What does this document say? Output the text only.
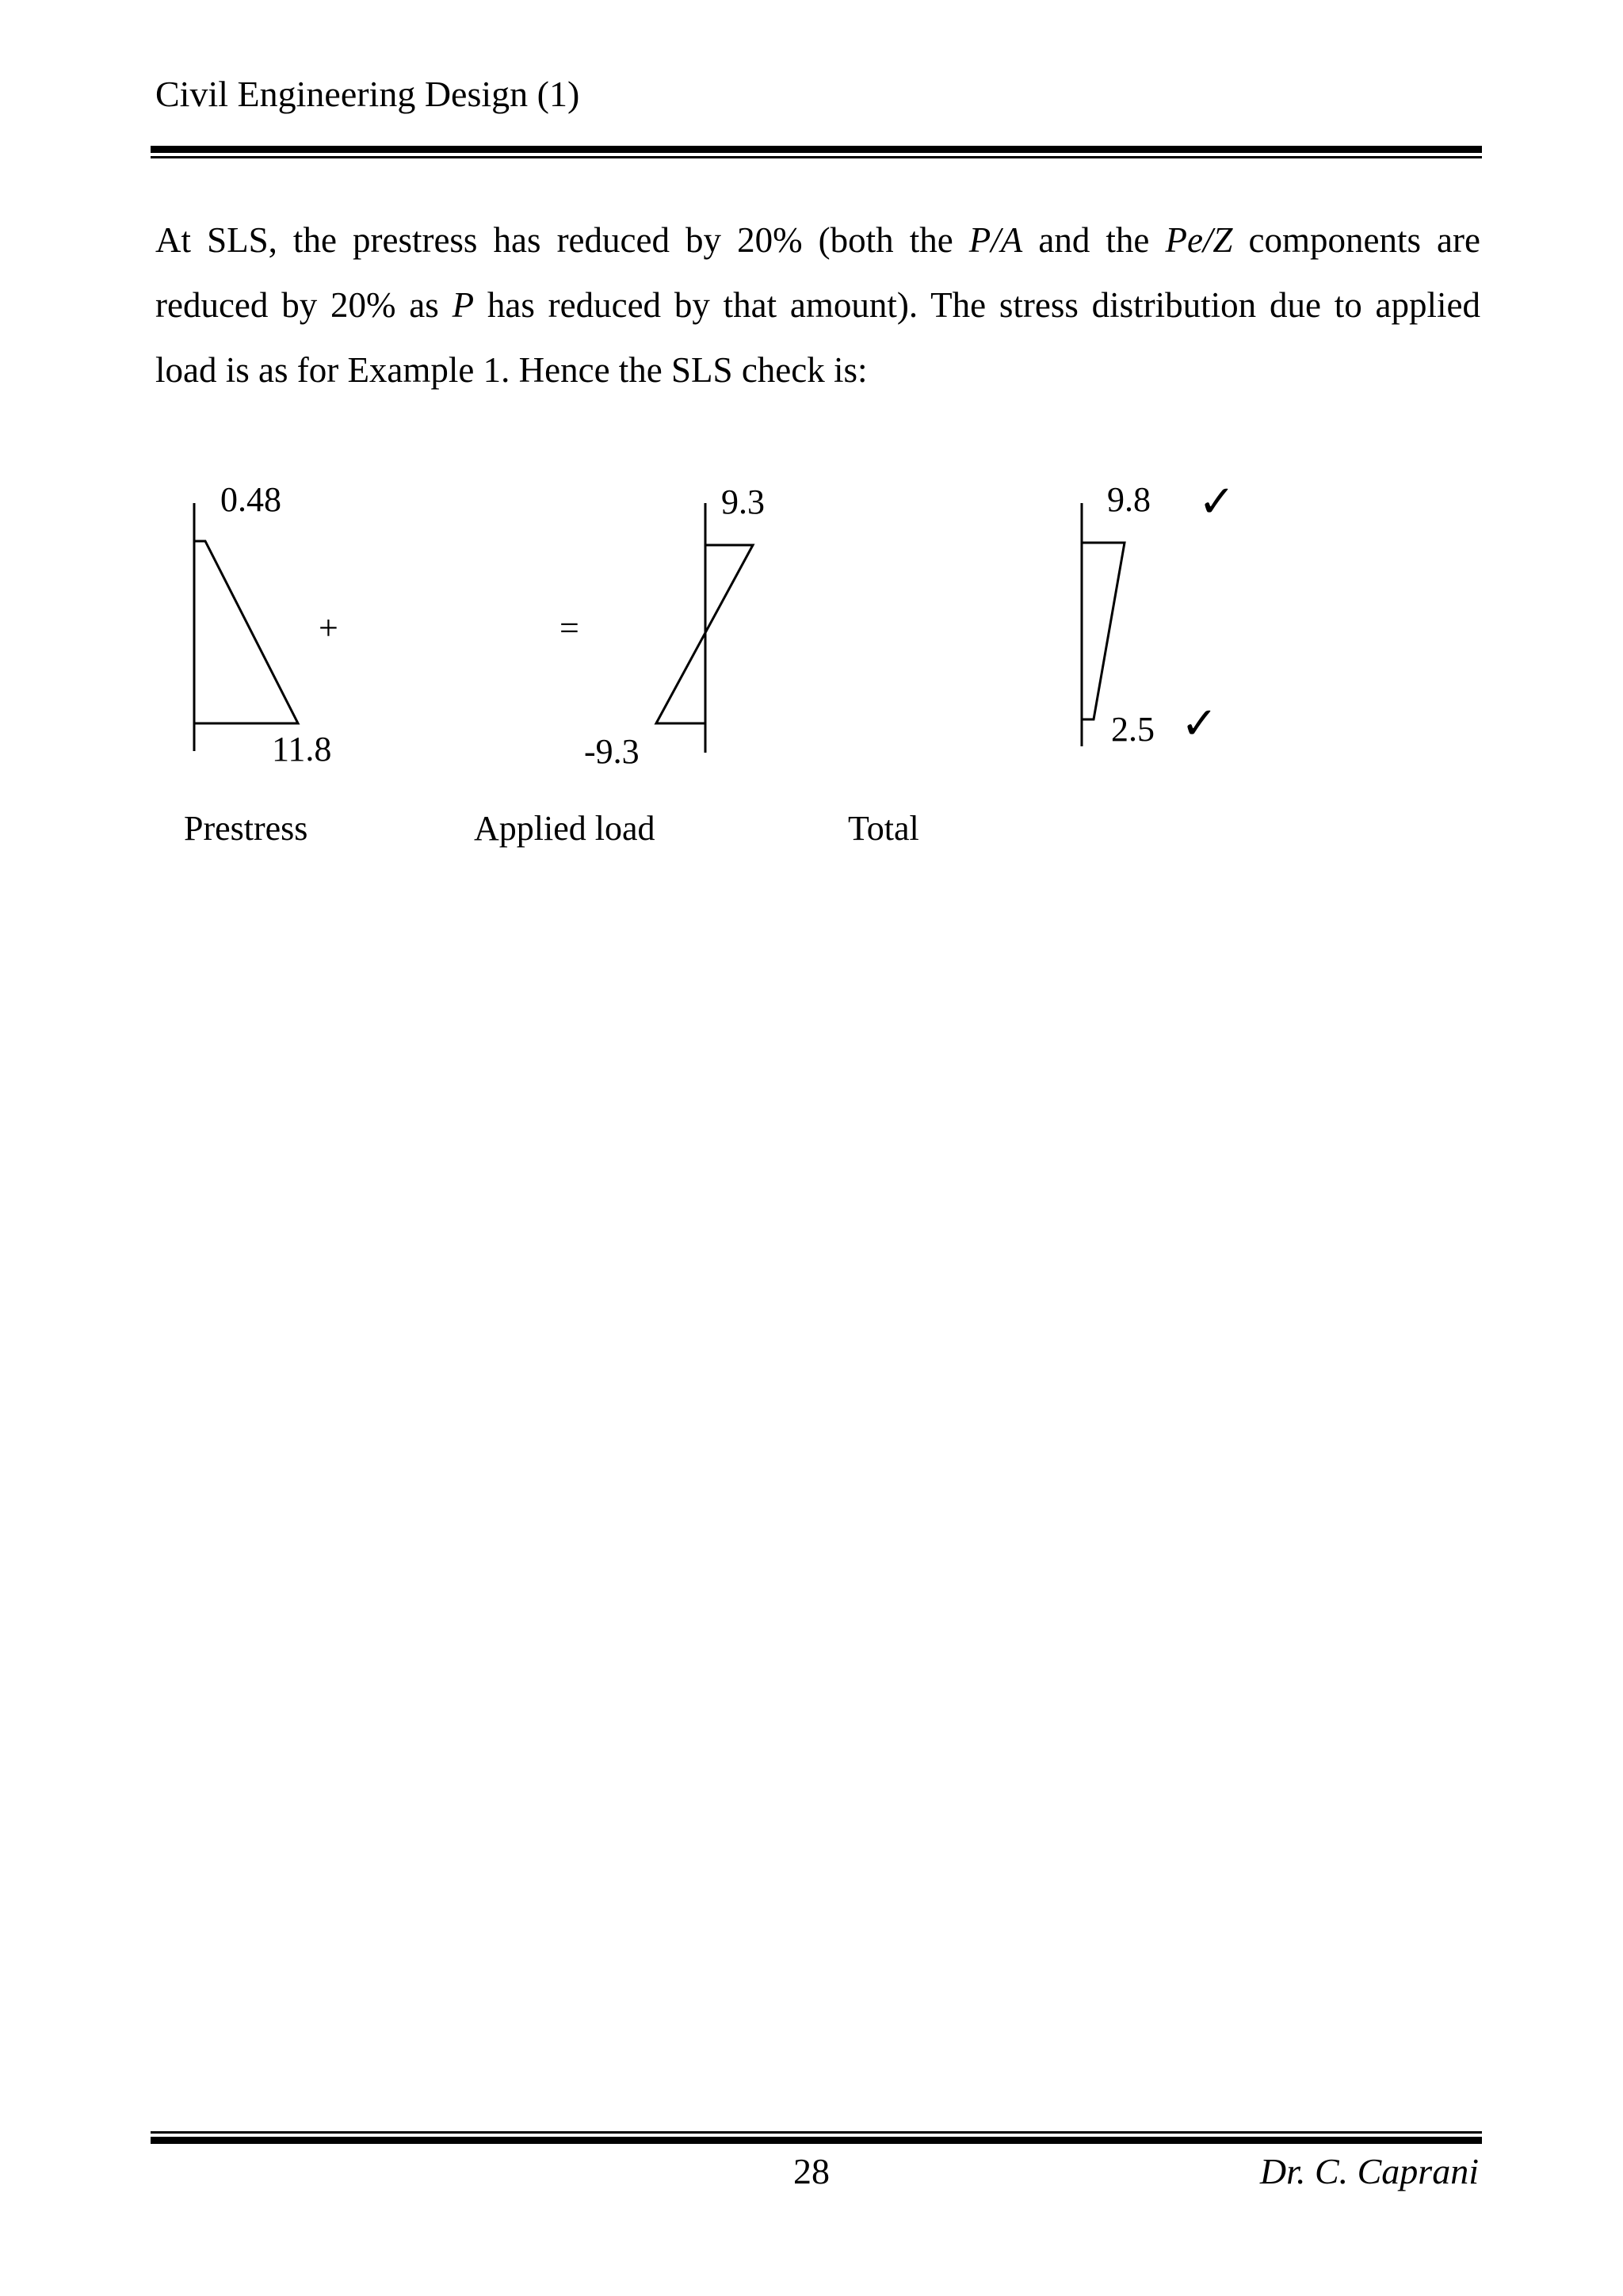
Civil Engineering Design (1)

At SLS, the prestress has reduced by 20% (both the P/A and the Pe/Z components are reduced by 20% as P has reduced by that amount). The stress distribution due to applied load is as for Example 1. Hence the SLS check is:

0.48
11.8
Prestress
+
9.3
-9.3
Applied load
=
9.8
2.5
Total
✓
✓
28	Dr. C. Caprani
